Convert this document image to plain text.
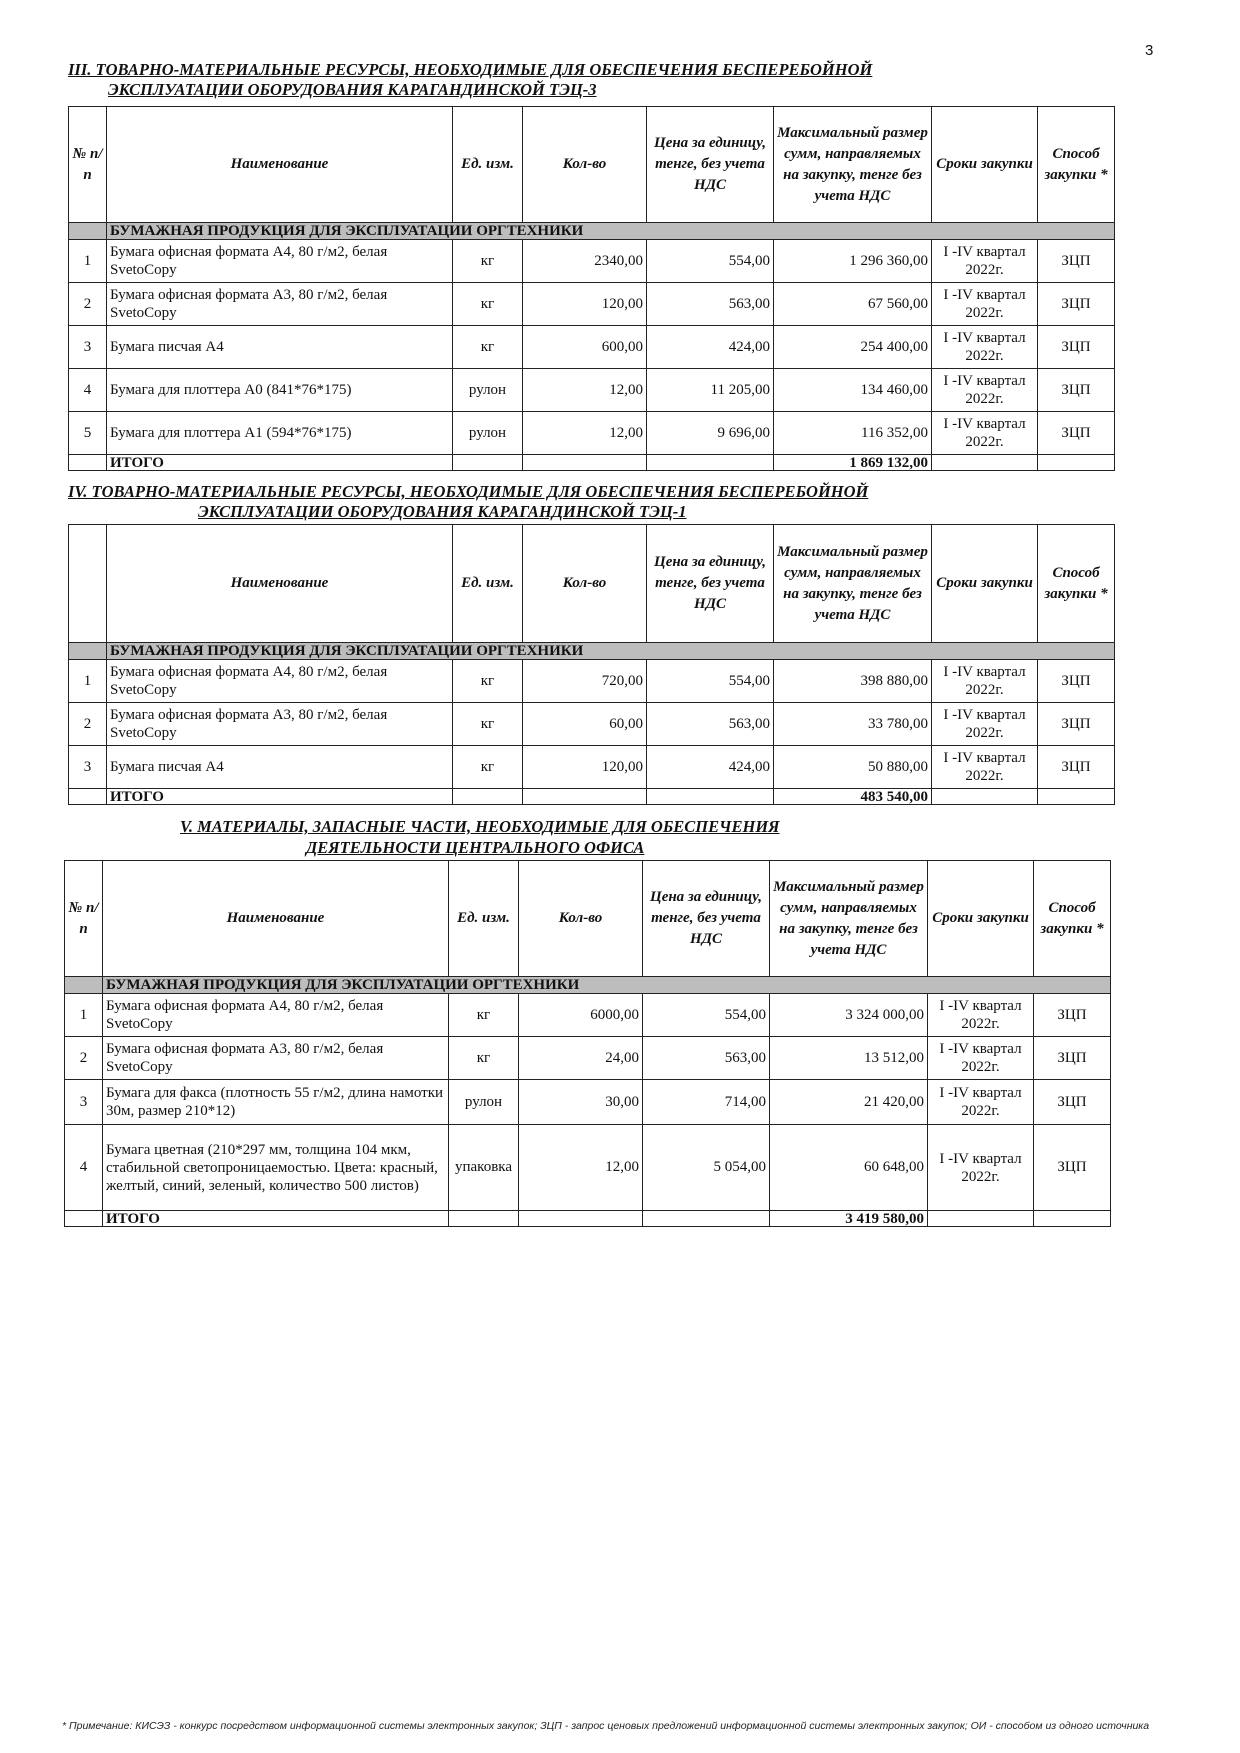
3
III. ТОВАРНО-МАТЕРИАЛЬНЫЕ РЕСУРСЫ, НЕОБХОДИМЫЕ ДЛЯ ОБЕСПЕЧЕНИЯ БЕСПЕРЕБОЙНОЙ
ЭКСПЛУАТАЦИИ ОБОРУДОВАНИЯ КАРАГАНДИНСКОЙ ТЭЦ-3
№ п/п	Наименование	Ед. изм.	Кол-во	Цена за единицу, тенге, без учета НДС	Максимальный размер сумм, направляемых на закупку, тенге без учета НДС	Сроки закупки	Способ закупки *
	БУМАЖНАЯ ПРОДУКЦИЯ ДЛЯ ЭКСПЛУАТАЦИИ ОРГТЕХНИКИ						
1	Бумага офисная формата А4, 80 г/м2, белая SvetoCopy	кг	2340,00	554,00	1 296 360,00	I -IV квартал 2022г.	ЗЦП
2	Бумага офисная формата А3, 80 г/м2, белая SvetoCopy	кг	120,00	563,00	67 560,00	I -IV квартал 2022г.	ЗЦП
3	Бумага писчая А4	кг	600,00	424,00	254 400,00	I -IV квартал 2022г.	ЗЦП
4	Бумага для плоттера А0 (841*76*175)	рулон	12,00	11 205,00	134 460,00	I -IV квартал 2022г.	ЗЦП
5	Бумага для плоттера А1 (594*76*175)	рулон	12,00	9 696,00	116 352,00	I -IV квартал 2022г.	ЗЦП
	ИТОГО				1 869 132,00		
IV. ТОВАРНО-МАТЕРИАЛЬНЫЕ РЕСУРСЫ, НЕОБХОДИМЫЕ ДЛЯ ОБЕСПЕЧЕНИЯ БЕСПЕРЕБОЙНОЙ
ЭКСПЛУАТАЦИИ ОБОРУДОВАНИЯ КАРАГАНДИНСКОЙ ТЭЦ-1
	Наименование	Ед. изм.	Кол-во	Цена за единицу, тенге, без учета НДС	Максимальный размер сумм, направляемых на закупку, тенге без учета НДС	Сроки закупки	Способ закупки *
	БУМАЖНАЯ ПРОДУКЦИЯ ДЛЯ ЭКСПЛУАТАЦИИ ОРГТЕХНИКИ						
1	Бумага офисная формата А4, 80 г/м2, белая SvetoCopy	кг	720,00	554,00	398 880,00	I -IV квартал 2022г.	ЗЦП
2	Бумага офисная формата А3, 80 г/м2, белая SvetoCopy	кг	60,00	563,00	33 780,00	I -IV квартал 2022г.	ЗЦП
3	Бумага писчая А4	кг	120,00	424,00	50 880,00	I -IV квартал 2022г.	ЗЦП
	ИТОГО				483 540,00		
V. МАТЕРИАЛЫ, ЗАПАСНЫЕ ЧАСТИ, НЕОБХОДИМЫЕ ДЛЯ ОБЕСПЕЧЕНИЯ
ДЕЯТЕЛЬНОСТИ ЦЕНТРАЛЬНОГО ОФИСА
№ п/п	Наименование	Ед. изм.	Кол-во	Цена за единицу, тенге, без учета НДС	Максимальный размер сумм, направляемых на закупку, тенге без учета НДС	Сроки закупки	Способ закупки *
	БУМАЖНАЯ ПРОДУКЦИЯ ДЛЯ ЭКСПЛУАТАЦИИ ОРГТЕХНИКИ						
1	Бумага офисная формата А4, 80 г/м2, белая SvetoCopy	кг	6000,00	554,00	3 324 000,00	I -IV квартал 2022г.	ЗЦП
2	Бумага офисная формата А3, 80 г/м2, белая SvetoCopy	кг	24,00	563,00	13 512,00	I -IV квартал 2022г.	ЗЦП
3	Бумага для факса (плотность 55 г/м2, длина намотки 30м, размер 210*12)	рулон	30,00	714,00	21 420,00	I -IV квартал 2022г.	ЗЦП
4	Бумага цветная (210*297 мм, толщина 104 мкм, стабильной светопроницаемостью. Цвета: красный, желтый, синий, зеленый, количество 500 листов)	упаковка	12,00	5 054,00	60 648,00	I -IV квартал 2022г.	ЗЦП
	ИТОГО				3 419 580,00		
* Примечание: КИСЭЗ - конкурс посредством информационной системы электронных закупок; ЗЦП - запрос ценовых предложений информационной системы электронных закупок; ОИ - способом из одного источника
